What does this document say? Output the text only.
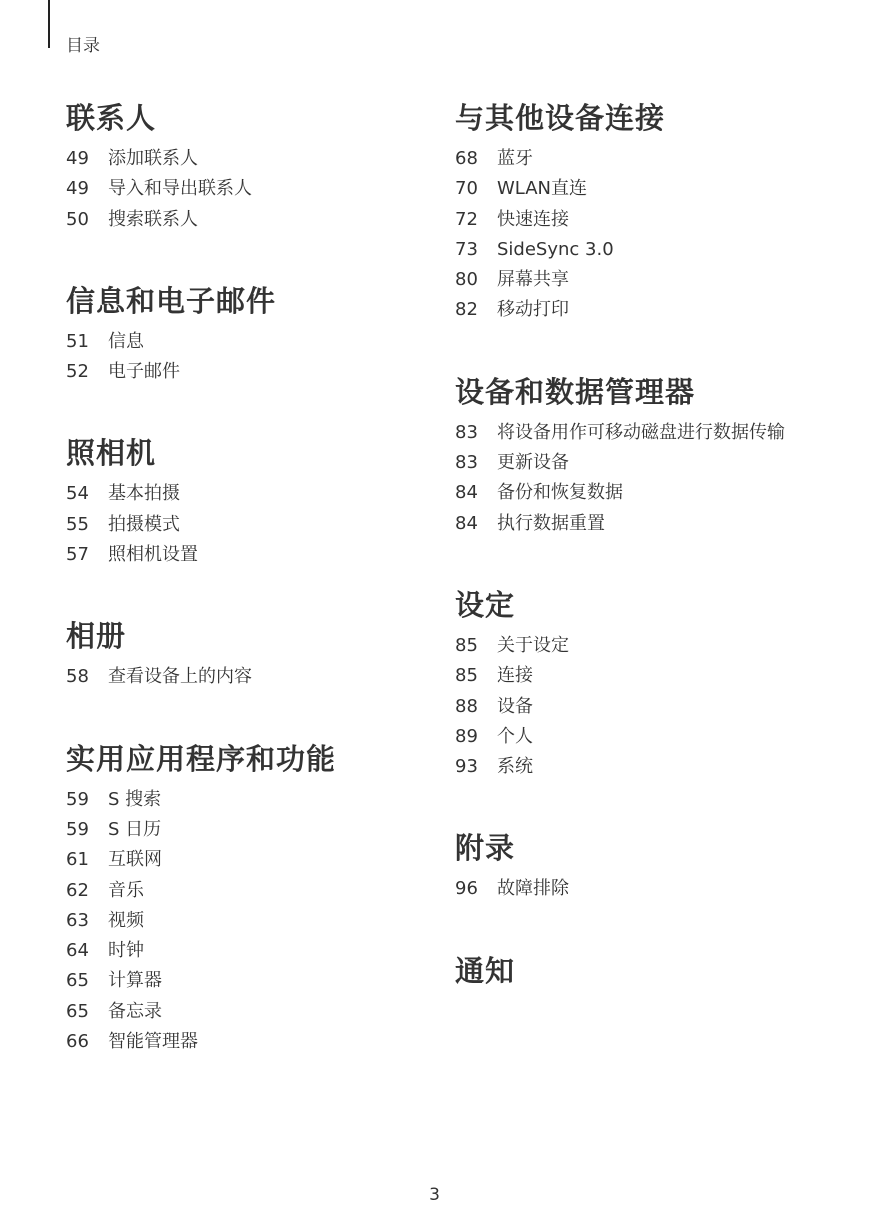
目录
联系人
49	添加联系人
49	导入和导出联系人
50	搜索联系人
信息和电子邮件
51	信息
52	电子邮件
照相机
54	基本拍摄
55	拍摄模式
57	照相机设置
相册
58	查看设备上的内容
实用应用程序和功能
59	S 搜索
59	S 日历
61	互联网
62	音乐
63	视频
64	时钟
65	计算器
65	备忘录
66	智能管理器
与其他设备连接
68	蓝牙
70	WLAN直连
72	快速连接
73	SideSync 3.0
80	屏幕共享
82	移动打印
设备和数据管理器
83	将设备用作可移动磁盘进行数据传输
83	更新设备
84	备份和恢复数据
84	执行数据重置
设定
85	关于设定
85	连接
88	设备
89	个人
93	系统
附录
96	故障排除
通知
3
